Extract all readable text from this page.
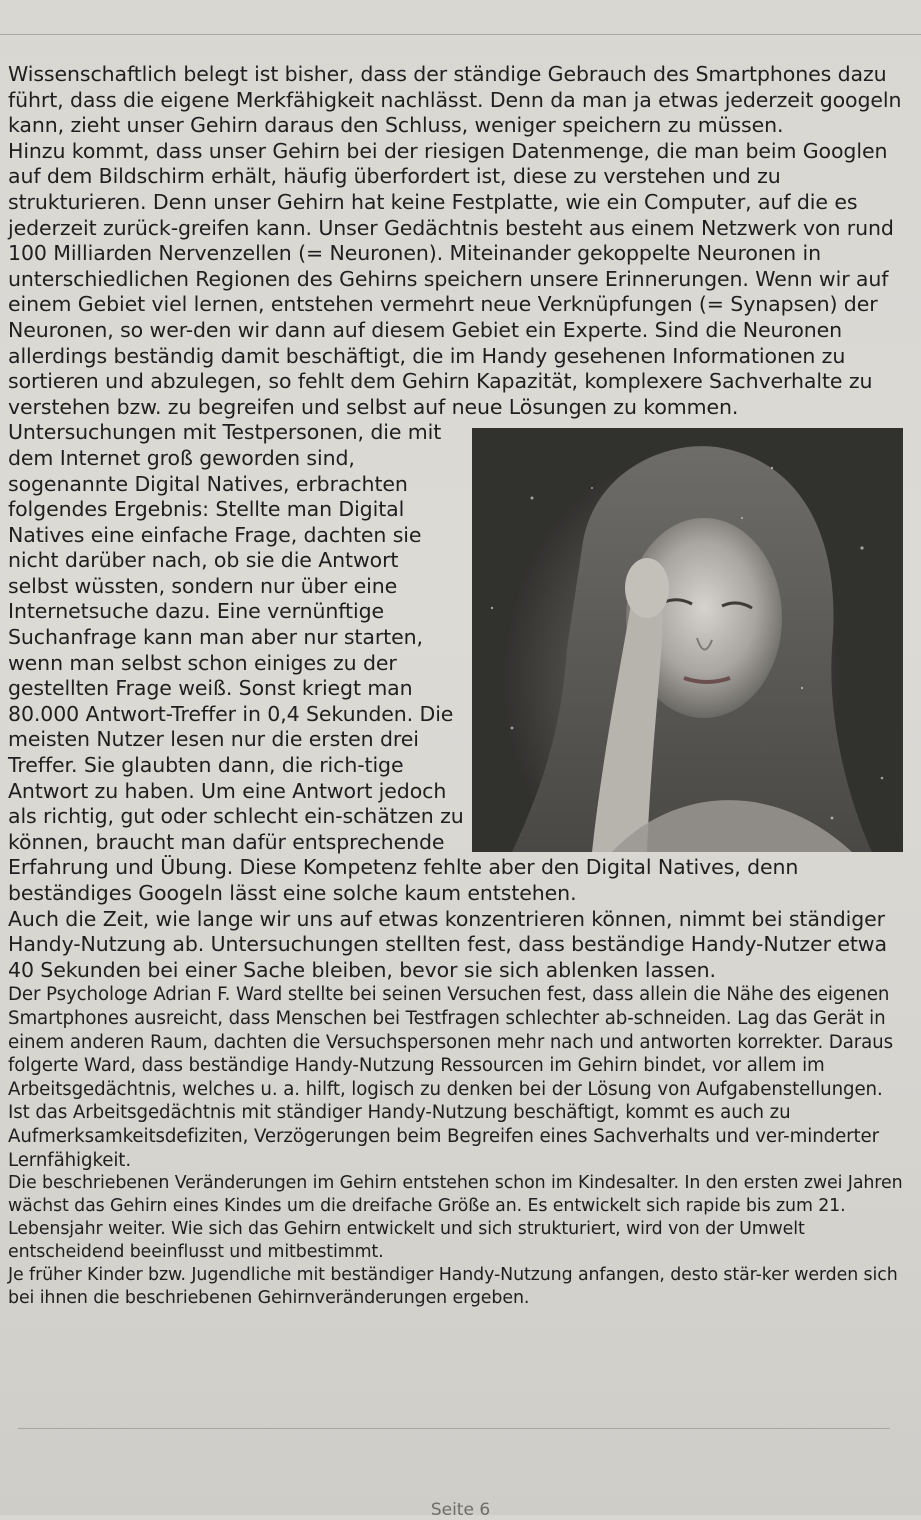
Wissenschaftlich belegt ist bisher, dass der ständige Gebrauch des Smartphones dazu führt, dass die eigene Merkfähigkeit nachlässt. Denn da man ja etwas jederzeit googeln kann, zieht unser Gehirn daraus den Schluss, weniger speichern zu müssen.

Hinzu kommt, dass unser Gehirn bei der riesigen Datenmenge, die man beim Googlen auf dem Bildschirm erhält, häufig überfordert ist, diese zu verstehen und zu strukturieren. Denn unser Gehirn hat keine Festplatte, wie ein Computer, auf die es jederzeit zurück-greifen kann. Unser Gedächtnis besteht aus einem Netzwerk von rund 100 Milliarden Nervenzellen (= Neuronen). Miteinander gekoppelte Neuronen in unterschiedlichen Regionen des Gehirns speichern unsere Erinnerungen. Wenn wir auf einem Gebiet viel lernen, entstehen vermehrt neue Verknüpfungen (= Synapsen) der Neuronen, so wer-den wir dann auf diesem Gebiet ein Experte. Sind die Neuronen allerdings beständig damit beschäftigt, die im Handy gesehenen Informationen zu sortieren und abzulegen, so fehlt dem Gehirn Kapazität, komplexere Sachverhalte zu verstehen bzw. zu begreifen und selbst auf neue Lösungen zu kommen.

Untersuchungen mit Testpersonen, die mit dem Internet groß geworden sind, sogenannte Digital Natives, erbrachten folgendes Ergebnis: Stellte man Digital Natives eine einfache Frage, dachten sie nicht darüber nach, ob sie die Antwort selbst wüssten, sondern nur über eine Internetsuche dazu. Eine vernünftige Suchanfrage kann man aber nur starten, wenn man selbst schon einiges zu der gestellten Frage weiß. Sonst kriegt man 80.000 Antwort-Treffer in 0,4 Sekunden. Die meisten Nutzer lesen nur die ersten drei Treffer. Sie glaubten dann, die rich-tige Antwort zu haben. Um eine Antwort jedoch als richtig, gut oder schlecht ein-schätzen zu können, braucht man dafür entsprechende Erfahrung und Übung. Diese Kompetenz fehlte aber den Digital Natives, denn beständiges Googeln lässt eine solche kaum entstehen.

Auch die Zeit, wie lange wir uns auf etwas konzentrieren können, nimmt bei ständiger Handy-Nutzung ab. Untersuchungen stellten fest, dass beständige Handy-Nutzer etwa 40 Sekunden bei einer Sache bleiben, bevor sie sich ablenken lassen.

Der Psychologe Adrian F. Ward stellte bei seinen Versuchen fest, dass allein die Nähe des eigenen Smartphones ausreicht, dass Menschen bei Testfragen schlechter ab-schneiden. Lag das Gerät in einem anderen Raum, dachten die Versuchspersonen mehr nach und antworten korrekter. Daraus folgerte Ward, dass beständige Handy-Nutzung Ressourcen im Gehirn bindet, vor allem im Arbeitsgedächtnis, welches u. a. hilft, logisch zu denken bei der Lösung von Aufgabenstellungen.

Ist das Arbeitsgedächtnis mit ständiger Handy-Nutzung beschäftigt, kommt es auch zu Aufmerksamkeitsdefiziten, Verzögerungen beim Begreifen eines Sachverhalts und ver-minderter Lernfähigkeit.

Die beschriebenen Veränderungen im Gehirn entstehen schon im Kindesalter. In den ersten zwei Jahren wächst das Gehirn eines Kindes um die dreifache Größe an. Es entwickelt sich rapide bis zum 21. Lebensjahr weiter. Wie sich das Gehirn entwickelt und sich strukturiert, wird von der Umwelt entscheidend beeinflusst und mitbestimmt.

Je früher Kinder bzw. Jugendliche mit beständiger Handy-Nutzung anfangen, desto stär-ker werden sich bei ihnen die beschriebenen Gehirnveränderungen ergeben.

Seite 6
